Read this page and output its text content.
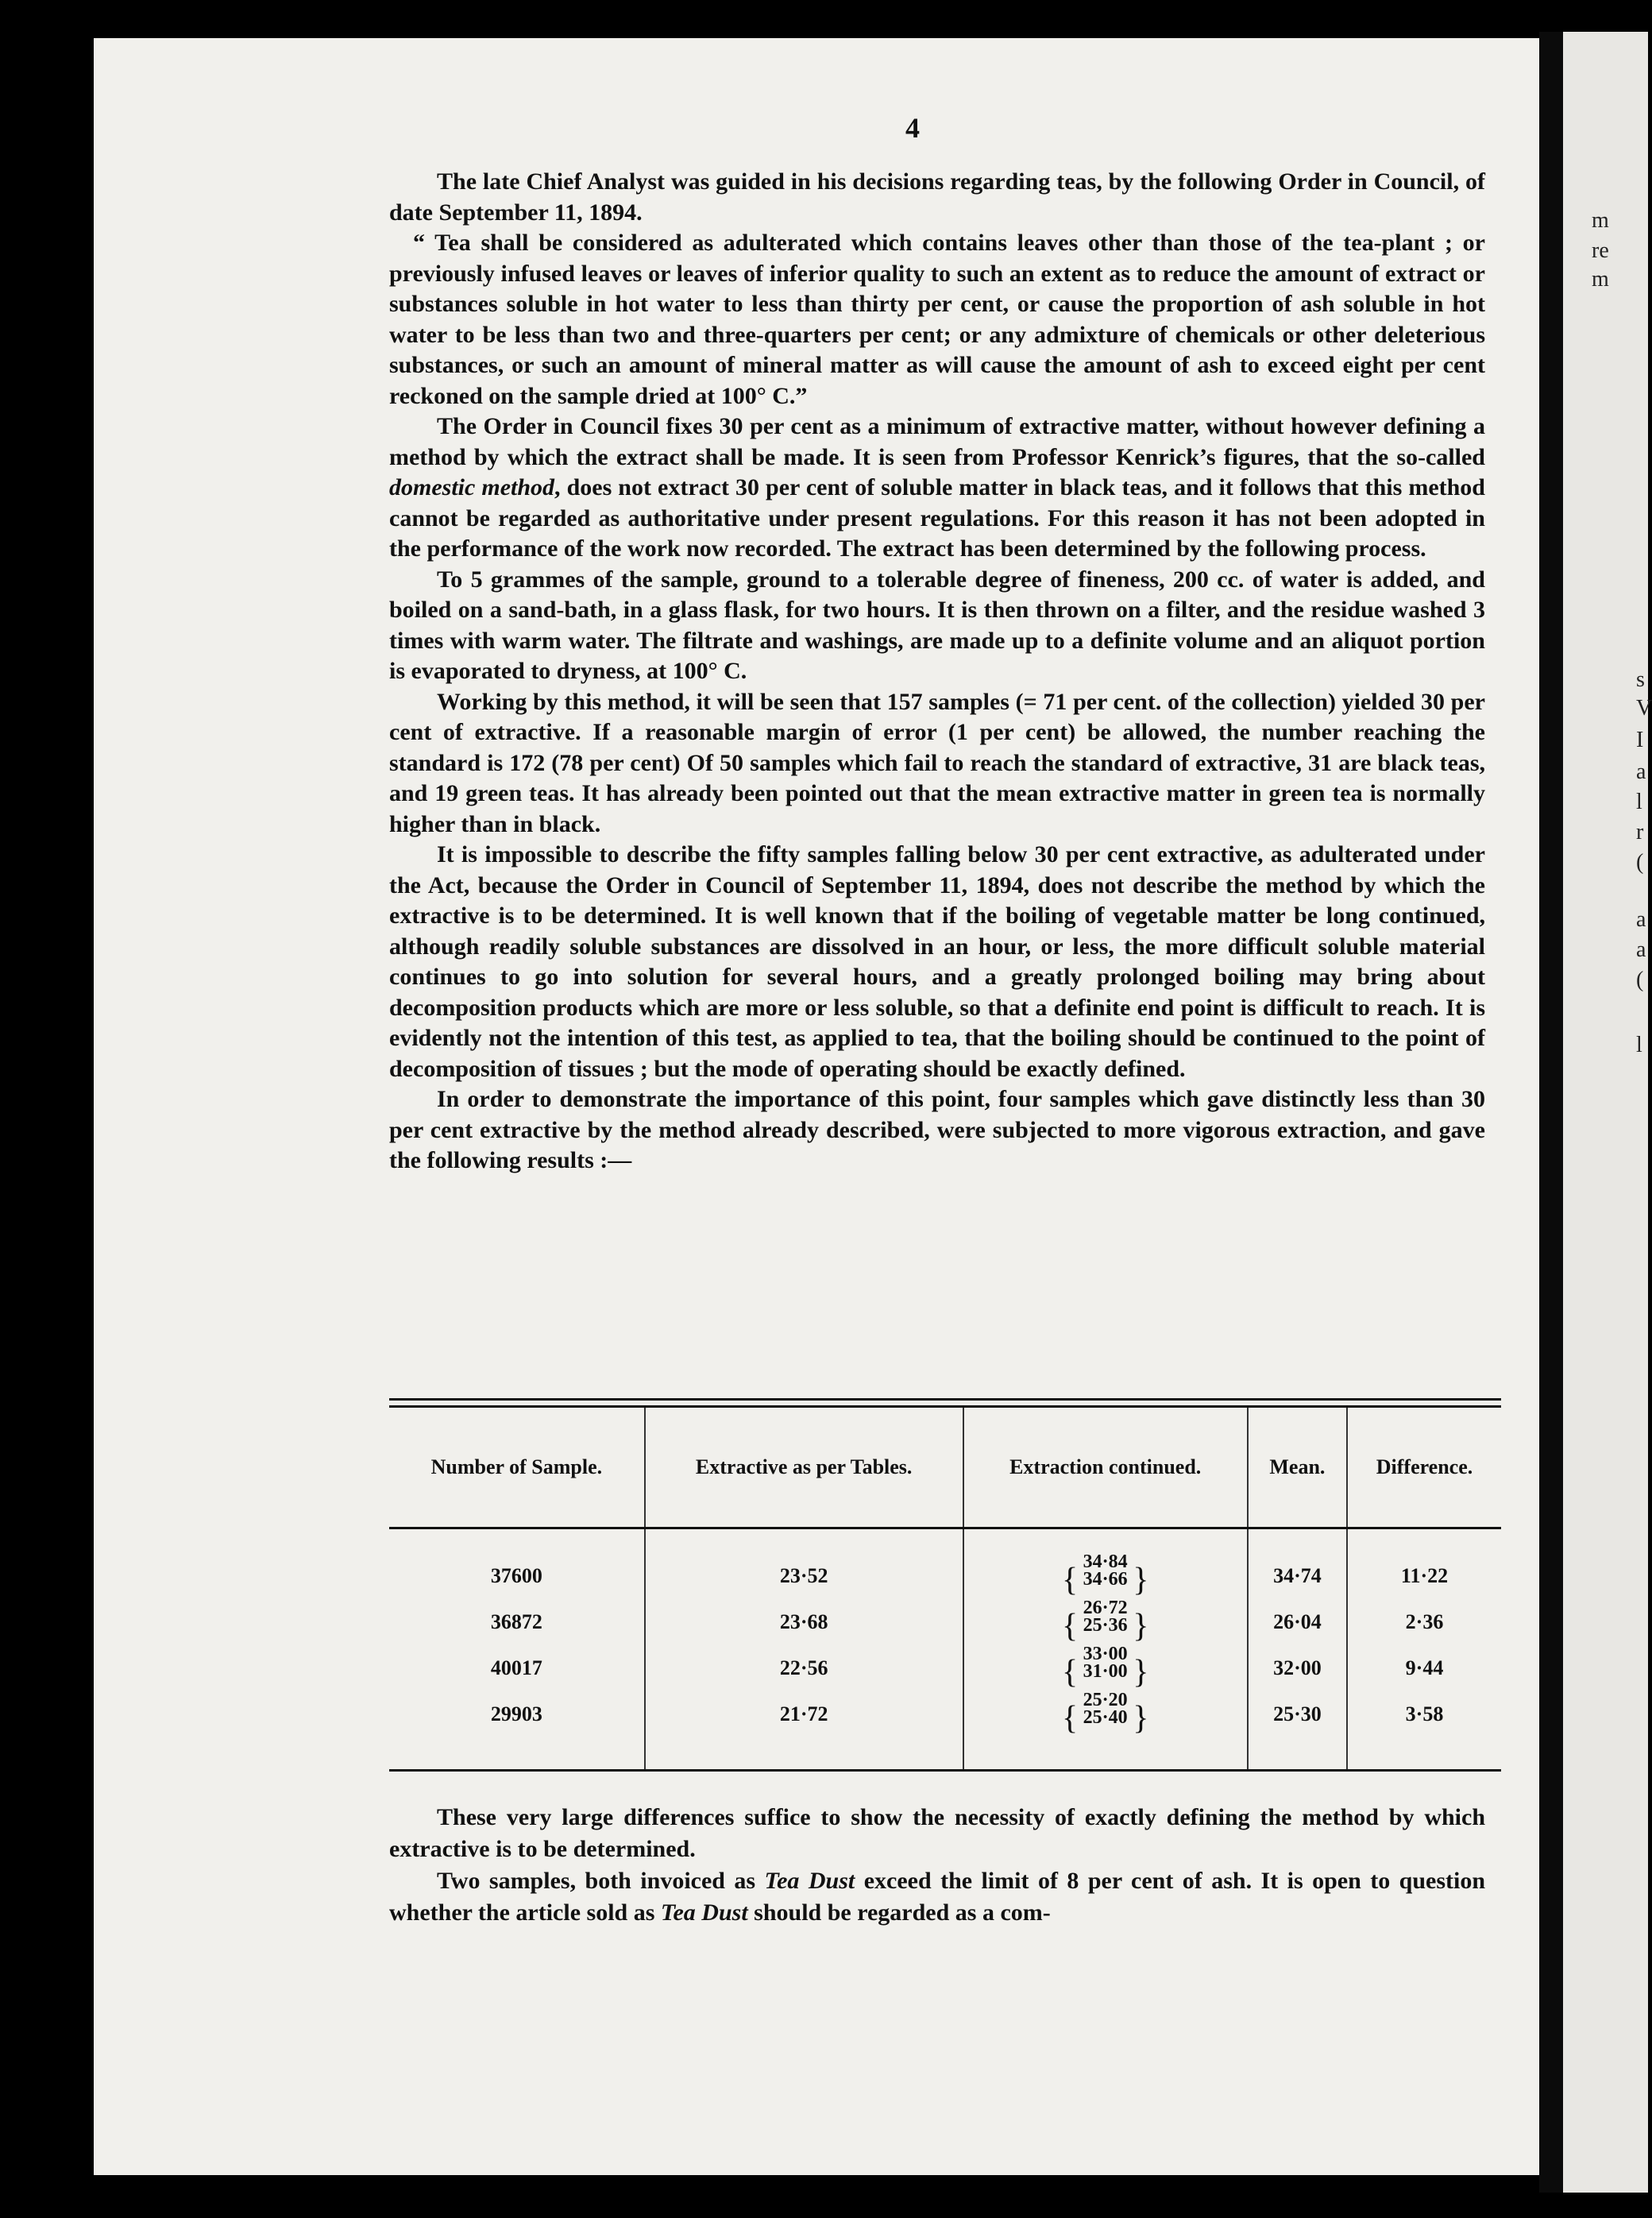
4

The late Chief Analyst was guided in his decisions regarding teas, by the following Order in Council, of date September 11, 1894.

“ Tea shall be considered as adulterated which contains leaves other than those of the tea-plant ; or previously infused leaves or leaves of inferior quality to such an extent as to reduce the amount of extract or substances soluble in hot water to less than thirty per cent, or cause the proportion of ash soluble in hot water to be less than two and three-quarters per cent; or any admixture of chemicals or other deleterious substances, or such an amount of mineral matter as will cause the amount of ash to exceed eight per cent reckoned on the sample dried at 100° C.”

The Order in Council fixes 30 per cent as a minimum of extractive matter, without however defining a method by which the extract shall be made. It is seen from Professor Kenrick’s figures, that the so-called domestic method, does not extract 30 per cent of soluble matter in black teas, and it follows that this method cannot be regarded as authoritative under present regulations. For this reason it has not been adopted in the performance of the work now recorded. The extract has been determined by the following process.

To 5 grammes of the sample, ground to a tolerable degree of fineness, 200 cc. of water is added, and boiled on a sand-bath, in a glass flask, for two hours. It is then thrown on a filter, and the residue washed 3 times with warm water. The filtrate and washings, are made up to a definite volume and an aliquot portion is evaporated to dryness, at 100° C.

Working by this method, it will be seen that 157 samples (= 71 per cent. of the collection) yielded 30 per cent of extractive. If a reasonable margin of error (1 per cent) be allowed, the number reaching the standard is 172 (78 per cent) Of 50 samples which fail to reach the standard of extractive, 31 are black teas, and 19 green teas. It has already been pointed out that the mean extractive matter in green tea is normally higher than in black.

It is impossible to describe the fifty samples falling below 30 per cent extractive, as adulterated under the Act, because the Order in Council of September 11, 1894, does not describe the method by which the extractive is to be determined. It is well known that if the boiling of vegetable matter be long continued, although readily soluble substances are dissolved in an hour, or less, the more difficult soluble material continues to go into solution for several hours, and a greatly prolonged boiling may bring about decomposition products which are more or less soluble, so that a definite end point is difficult to reach. It is evidently not the intention of this test, as applied to tea, that the boiling should be continued to the point of decomposition of tissues ; but the mode of operating should be exactly defined.

In order to demonstrate the importance of this point, four samples which gave distinctly less than 30 per cent extractive by the method already described, were subjected to more vigorous extraction, and gave the following results :—

Number of Sample.	Extractive as per Tables.	Extraction continued.	Mean.	Difference.
37600	23·52	{
34·84
34·66 }	34·74	11·22
36872	23·68	{
26·72
25·36 }	26·04	2·36
40017	22·56	{
33·00
31·00 }	32·00	9·44
29903	21·72	{
25·20
25·40 }	25·30	3·58

These very large differences suffice to show the necessity of exactly defining the method by which extractive is to be determined.

Two samples, both invoiced as Tea Dust exceed the limit of 8 per cent of ash. It is open to question whether the article sold as Tea Dust should be regarded as a com-

m
re
m
s
V
I
a
l
r
(
a
a
(
l
